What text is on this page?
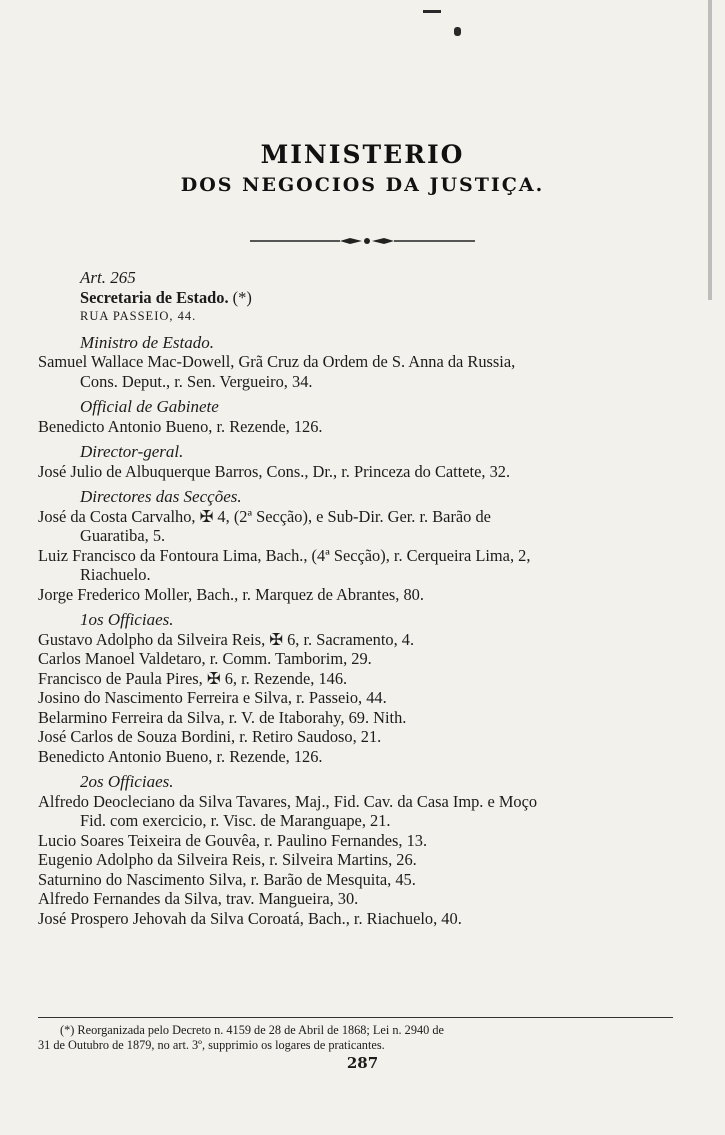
MINISTERIO
DOS NEGOCIOS DA JUSTIÇA.
Art. 265
Secretaria de Estado. (*)
RUA PASSEIO, 44.
Ministro de Estado.
Samuel Wallace Mac-Dowell, Grã Cruz da Ordem de S. Anna da Russia,
Cons. Deput., r. Sen. Vergueiro, 34.
Official de Gabinete
Benedicto Antonio Bueno, r. Rezende, 126.
Director-geral.
José Julio de Albuquerque Barros, Cons., Dr., r. Princeza do Cattete, 32.
Directores das Secções.
José da Costa Carvalho, ✠ 4, (2ª Secção), e Sub-Dir. Ger. r. Barão de
Guaratiba, 5.
Luiz Francisco da Fontoura Lima, Bach., (4ª Secção), r. Cerqueira Lima, 2,
Riachuelo.
Jorge Frederico Moller, Bach., r. Marquez de Abrantes, 80.
1os Officiaes.
Gustavo Adolpho da Silveira Reis, ✠ 6, r. Sacramento, 4.
Carlos Manoel Valdetaro, r. Comm. Tamborim, 29.
Francisco de Paula Pires, ✠ 6, r. Rezende, 146.
Josino do Nascimento Ferreira e Silva, r. Passeio, 44.
Belarmino Ferreira da Silva, r. V. de Itaborahy, 69. Nith.
José Carlos de Souza Bordini, r. Retiro Saudoso, 21.
Benedicto Antonio Bueno, r. Rezende, 126.
2os Officiaes.
Alfredo Deocleciano da Silva Tavares, Maj., Fid. Cav. da Casa Imp. e Moço
Fid. com exercicio, r. Visc. de Maranguape, 21.
Lucio Soares Teixeira de Gouvêa, r. Paulino Fernandes, 13.
Eugenio Adolpho da Silveira Reis, r. Silveira Martins, 26.
Saturnino do Nascimento Silva, r. Barão de Mesquita, 45.
Alfredo Fernandes da Silva, trav. Mangueira, 30.
José Prospero Jehovah da Silva Coroatá, Bach., r. Riachuelo, 40.
(*) Reorganizada pelo Decreto n. 4159 de 28 de Abril de 1868; Lei n. 2940 de
31 de Outubro de 1879, no art. 3º, supprimio os logares de praticantes.
287
